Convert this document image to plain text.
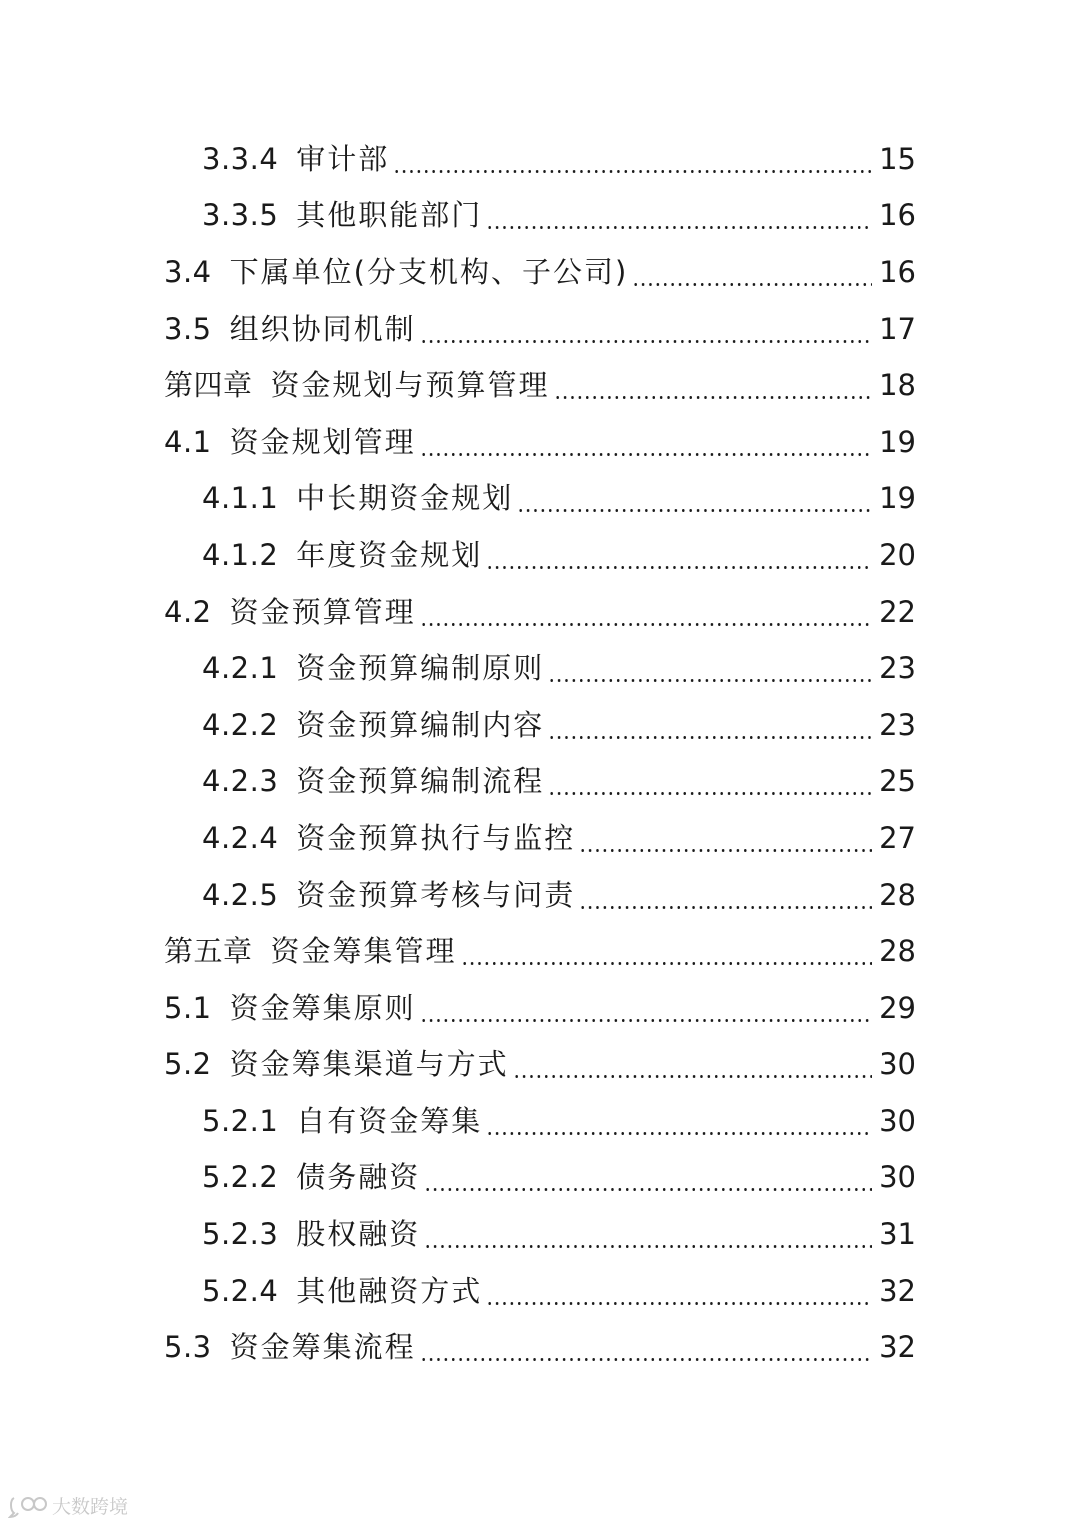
3.3.4 审计部	15
3.3.5 其他职能部门	16
3.4 下属单位(分支机构、子公司)	16
3.5 组织协同机制	17
第四章 资金规划与预算管理	18
4.1 资金规划管理	19
4.1.1 中长期资金规划	19
4.1.2 年度资金规划	20
4.2 资金预算管理	22
4.2.1 资金预算编制原则	23
4.2.2 资金预算编制内容	23
4.2.3 资金预算编制流程	25
4.2.4 资金预算执行与监控	27
4.2.5 资金预算考核与问责	28
第五章 资金筹集管理	28
5.1 资金筹集原则	29
5.2 资金筹集渠道与方式	30
5.2.1 自有资金筹集	30
5.2.2 债务融资	30
5.2.3 股权融资	31
5.2.4 其他融资方式	32
5.3 资金筹集流程	32
大数跨境
